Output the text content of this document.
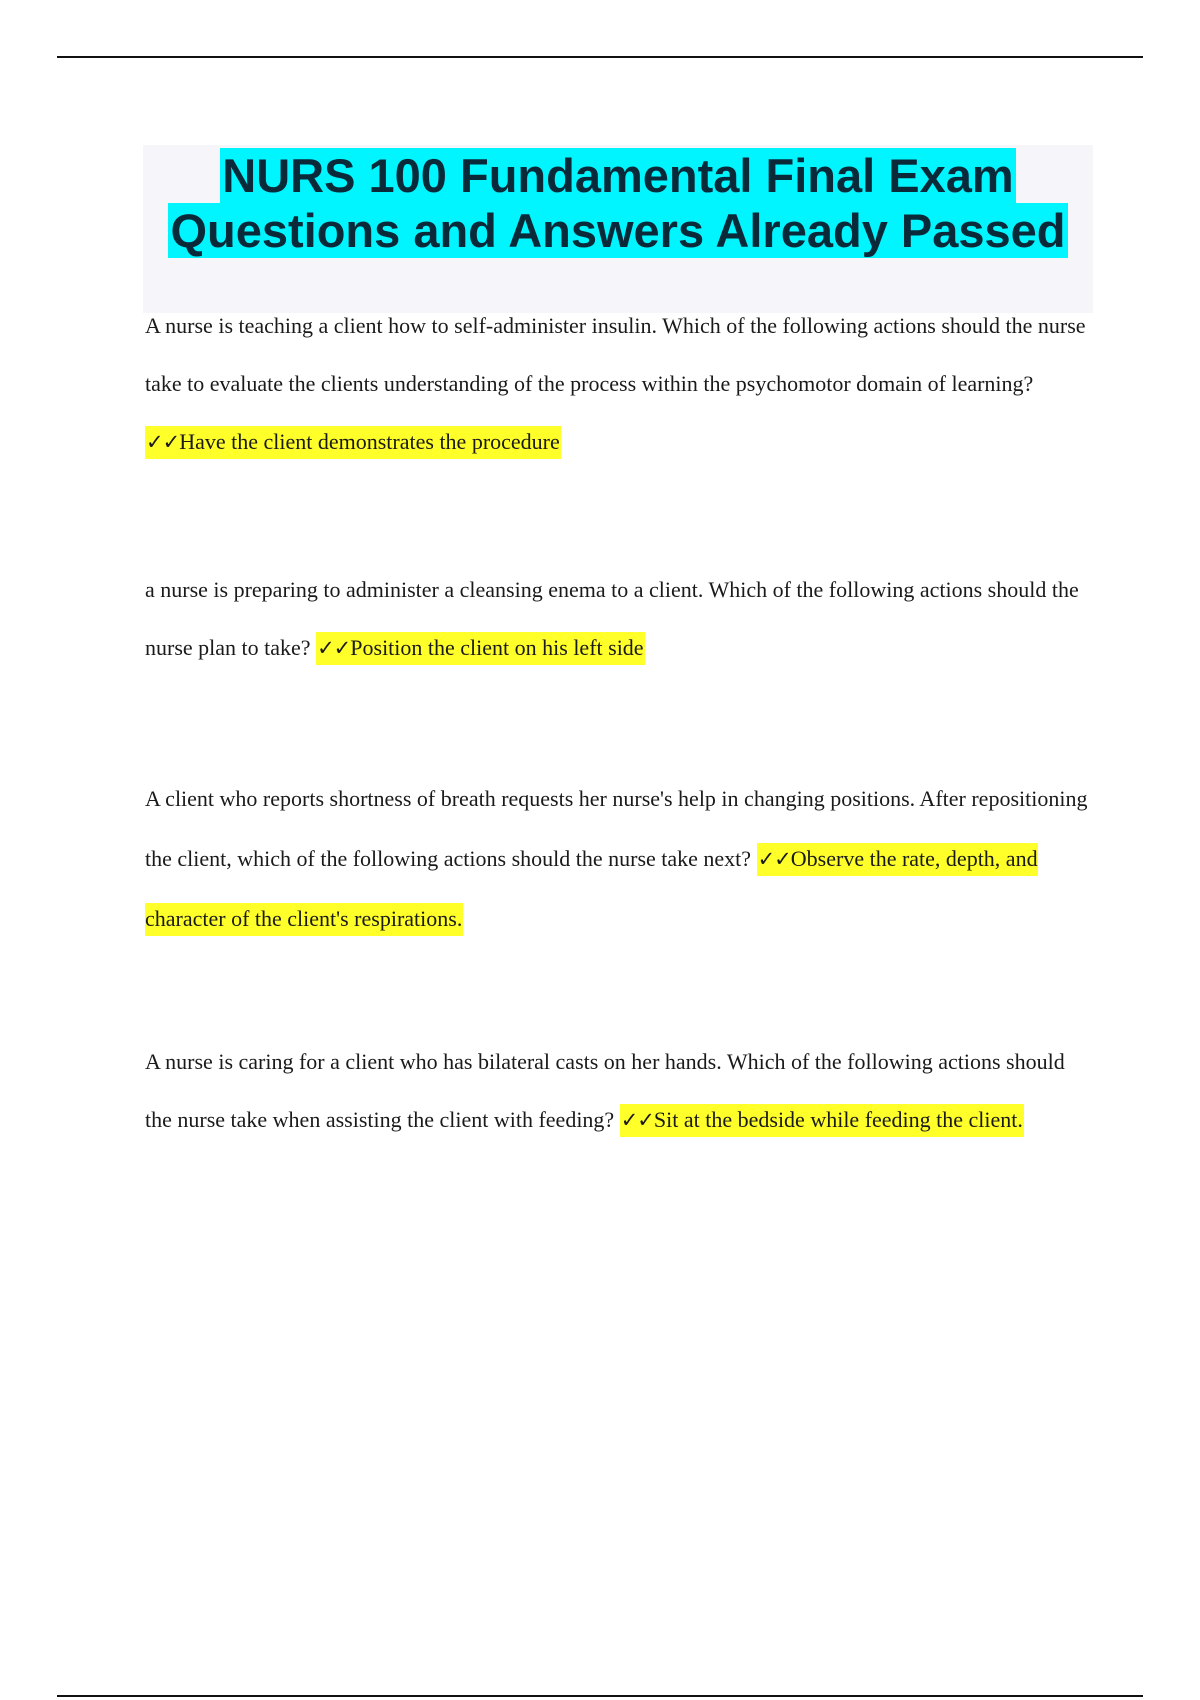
NURS 100 Fundamental Final Exam
Questions and Answers Already Passed

A nurse is teaching a client how to self-administer insulin. Which of the following actions should the nurse take to evaluate the clients understanding of the process within the psychomotor domain of learning? ✓✓Have the client demonstrates the procedure

a nurse is preparing to administer a cleansing enema to a client. Which of the following actions should the nurse plan to take? ✓✓Position the client on his left side

A client who reports shortness of breath requests her nurse's help in changing positions. After repositioning the client, which of the following actions should the nurse take next? ✓✓Observe the rate, depth, and character of the client's respirations.

A nurse is caring for a client who has bilateral casts on her hands. Which of the following actions should the nurse take when assisting the client with feeding? ✓✓Sit at the bedside while feeding the client.
